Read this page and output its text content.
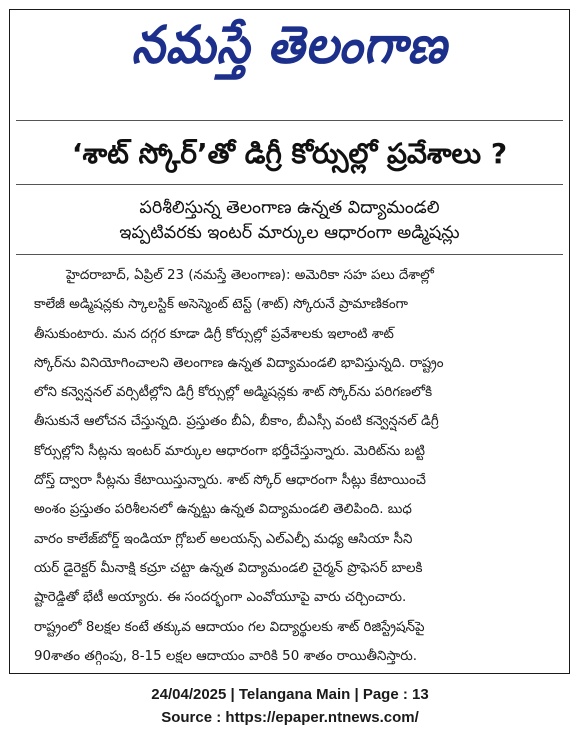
నమస్తే తెలంగాణ
‘శాట్ స్కోర్’తో డిగ్రీ కోర్సుల్లో ప్రవేశాలు ?
పరిశీలిస్తున్న తెలంగాణ ఉన్నత విద్యామండలి
ఇప్పటివరకు ఇంటర్ మార్కుల ఆధారంగా అడ్మిషన్లు
హైదరాబాద్, ఏప్రిల్ 23 (నమస్తే తెలంగాణ): అమెరికా సహ పలు దేశాల్లో
కాలేజీ అడ్మిషన్లకు స్కాలస్టిక్ అసెస్మెంట్ టెస్ట్ (శాట్) స్కోరునే ప్రామాణికంగా
తీసుకుంటారు. మన దగ్గర కూడా డిగ్రీ కోర్సుల్లో ప్రవేశాలకు ఇలాంటి శాట్
స్కోర్‌ను వినియోగించాలని తెలంగాణ ఉన్నత విద్యామండలి భావిస్తున్నది. రాష్ట్రం
లోని కన్వెన్షనల్ వర్సిటీల్లోని డిగ్రీ కోర్సుల్లో అడ్మిషన్లకు శాట్ స్కోర్‌ను పరిగణలోకి
తీసుకునే ఆలోచన చేస్తున్నది. ప్రస్తుతం బీఏ, బీకాం, బీఎస్సీ వంటి కన్వెన్షనల్ డిగ్రీ
కోర్సుల్లోని సీట్లను ఇంటర్ మార్కుల ఆధారంగా భర్తీచేస్తున్నారు. మెరిట్‌ను బట్టి
దోస్త్ ద్వారా సీట్లను కేటాయిస్తున్నారు. శాట్ స్కోర్ ఆధారంగా సీట్లు కేటాయించే
అంశం ప్రస్తుతం పరిశీలనలో ఉన్నట్టు ఉన్నత విద్యామండలి తెలిపింది. బుధ
వారం కాలేజ్‌బోర్డ్ ఇండియా గ్లోబల్ అలయన్స్ ఎల్ఎల్పీ మధ్య ఆసియా సీని
యర్ డైరెక్టర్ మీనాక్షి కచ్రూ చట్టా ఉన్నత విద్యామండలి చైర్మన్ ప్రొఫెసర్ బాలకి
ష్టారెడ్డితో భేటీ అయ్యారు. ఈ సందర్భంగా ఎంవోయూపై వారు చర్చించారు.
రాష్ట్రంలో 8లక్షల కంటే తక్కువ ఆదాయం గల విద్యార్థులకు శాట్ రిజిస్ట్రేషన్‌పై
90శాతం తగ్గింపు, 8-15 లక్షల ఆదాయం వారికి 50 శాతం రాయితీనిస్తారు.
24/04/2025 | Telangana Main | Page : 13
Source : https://epaper.ntnews.com/
